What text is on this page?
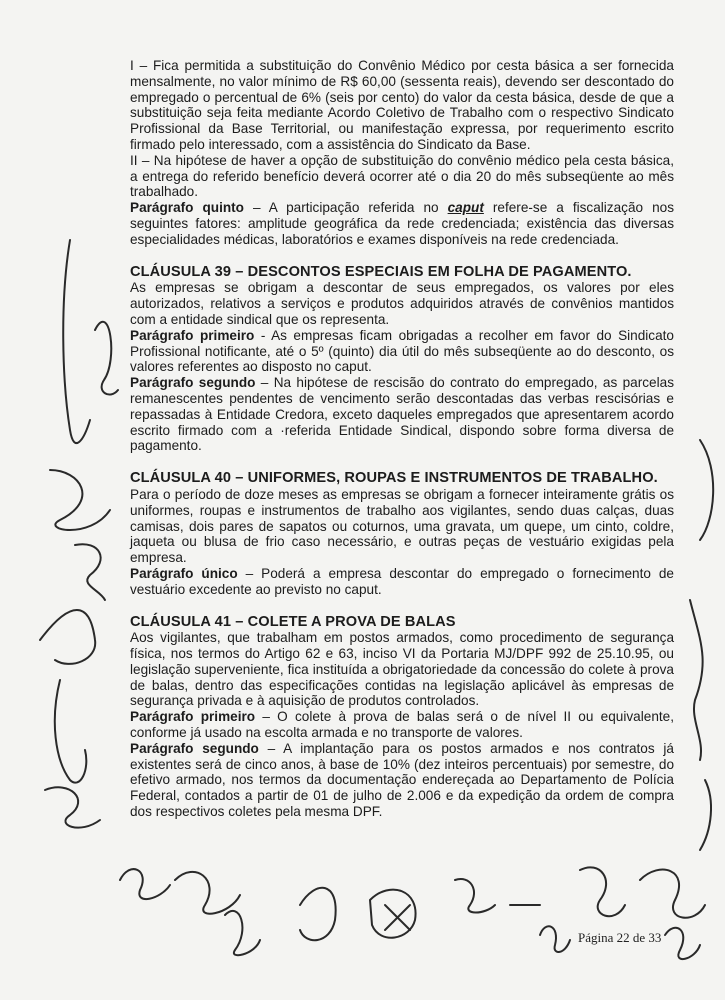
I – Fica permitida a substituição do Convênio Médico por cesta básica a ser fornecida mensalmente, no valor mínimo de R$ 60,00 (sessenta reais), devendo ser descontado do empregado o percentual de 6% (seis por cento) do valor da cesta básica, desde de que a substituição seja feita mediante Acordo Coletivo de Trabalho com o respectivo Sindicato Profissional da Base Territorial, ou manifestação expressa, por requerimento escrito firmado pelo interessado, com a assistência do Sindicato da Base.

II – Na hipótese de haver a opção de substituição do convênio médico pela cesta básica, a entrega do referido benefício deverá ocorrer até o dia 20 do mês subseqüente ao mês trabalhado.

Parágrafo quinto – A participação referida no caput refere-se a fiscalização nos seguintes fatores: amplitude geográfica da rede credenciada; existência das diversas especialidades médicas, laboratórios e exames disponíveis na rede credenciada.

CLÁUSULA 39 – DESCONTOS ESPECIAIS EM FOLHA DE PAGAMENTO.

As empresas se obrigam a descontar de seus empregados, os valores por eles autorizados, relativos a serviços e produtos adquiridos através de convênios mantidos com a entidade sindical que os representa.

Parágrafo primeiro - As empresas ficam obrigadas a recolher em favor do Sindicato Profissional notificante, até o 5º (quinto) dia útil do mês subseqüente ao do desconto, os valores referentes ao disposto no caput.

Parágrafo segundo – Na hipótese de rescisão do contrato do empregado, as parcelas remanescentes pendentes de vencimento serão descontadas das verbas rescisórias e repassadas à Entidade Credora, exceto daqueles empregados que apresentarem acordo escrito firmado com a ·referida Entidade Sindical, dispondo sobre forma diversa de pagamento.

CLÁUSULA 40 – UNIFORMES, ROUPAS E INSTRUMENTOS DE TRABALHO.

Para o período de doze meses as empresas se obrigam a fornecer inteiramente grátis os uniformes, roupas e instrumentos de trabalho aos vigilantes, sendo duas calças, duas camisas, dois pares de sapatos ou coturnos, uma gravata, um quepe, um cinto, coldre, jaqueta ou blusa de frio caso necessário, e outras peças de vestuário exigidas pela empresa.

Parágrafo único – Poderá a empresa descontar do empregado o fornecimento de vestuário excedente ao previsto no caput.

CLÁUSULA 41 – COLETE A PROVA DE BALAS

Aos vigilantes, que trabalham em postos armados, como procedimento de segurança física, nos termos do Artigo 62 e 63, inciso VI da Portaria MJ/DPF 992 de 25.10.95, ou legislação superveniente, fica instituída a obrigatoriedade da concessão do colete à prova de balas, dentro das especificações contidas na legislação aplicável às empresas de segurança privada e à aquisição de produtos controlados.

Parágrafo primeiro – O colete à prova de balas será o de nível II ou equivalente, conforme já usado na escolta armada e no transporte de valores.

Parágrafo segundo – A implantação para os postos armados e nos contratos já existentes será de cinco anos, à base de 10% (dez inteiros percentuais) por semestre, do efetivo armado, nos termos da documentação endereçada ao Departamento de Polícia Federal, contados a partir de 01 de julho de 2.006 e da expedição da ordem de compra dos respectivos coletes pela mesma DPF.

Página 22 de 33
